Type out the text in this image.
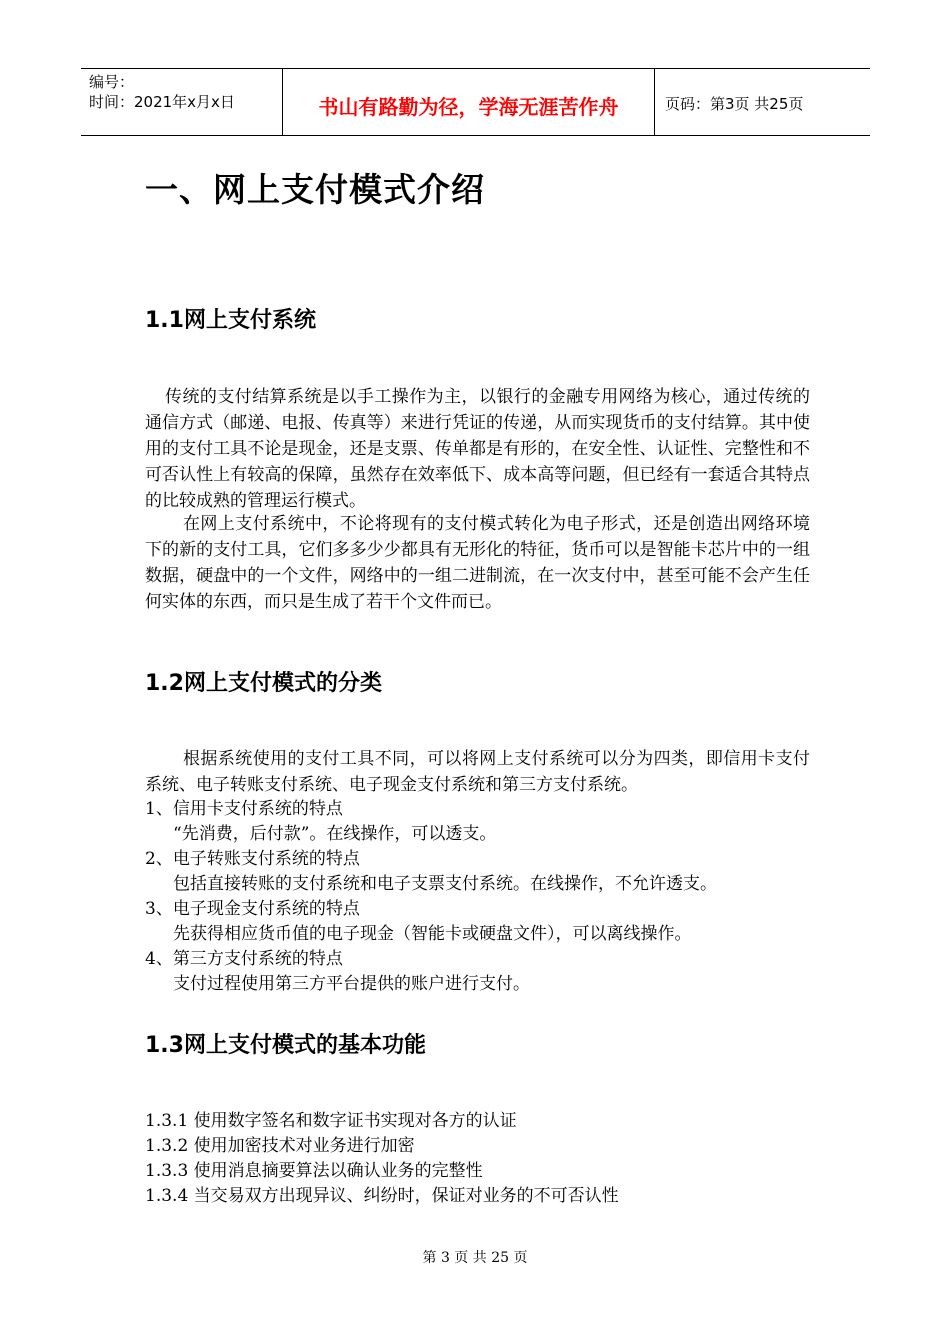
编号：
时间：2021年x月x日	书山有路勤为径，学海无涯苦作舟	页码：第3页 共25页
一、网上支付模式介绍
1.1网上支付系统

传统的支付结算系统是以手工操作为主，以银行的金融专用网络为核心，通过传统的通信方式（邮递、电报、传真等）来进行凭证的传递，从而实现货币的支付结算。其中使用的支付工具不论是现金，还是支票、传单都是有形的，在安全性、认证性、完整性和不可否认性上有较高的保障，虽然存在效率低下、成本高等问题，但已经有一套适合其特点的比较成熟的管理运行模式。

在网上支付系统中，不论将现有的支付模式转化为电子形式，还是创造出网络环境下的新的支付工具，它们多多少少都具有无形化的特征，货币可以是智能卡芯片中的一组数据，硬盘中的一个文件，网络中的一组二进制流，在一次支付中，甚至可能不会产生任何实体的东西，而只是生成了若干个文件而已。

1.2网上支付模式的分类

根据系统使用的支付工具不同，可以将网上支付系统可以分为四类，即信用卡支付系统、电子转账支付系统、电子现金支付系统和第三方支付系统。

1、信用卡支付系统的特点
“先消费，后付款”。在线操作，可以透支。
2、电子转账支付系统的特点
包括直接转账的支付系统和电子支票支付系统。在线操作，不允许透支。
3、电子现金支付系统的特点
先获得相应货币值的电子现金（智能卡或硬盘文件），可以离线操作。
4、第三方支付系统的特点
支付过程使用第三方平台提供的账户进行支付。
1.3网上支付模式的基本功能
1.3.1 使用数字签名和数字证书实现对各方的认证
1.3.2 使用加密技术对业务进行加密
1.3.3 使用消息摘要算法以确认业务的完整性
1.3.4 当交易双方出现异议、纠纷时，保证对业务的不可否认性
第 3 页 共 25 页
